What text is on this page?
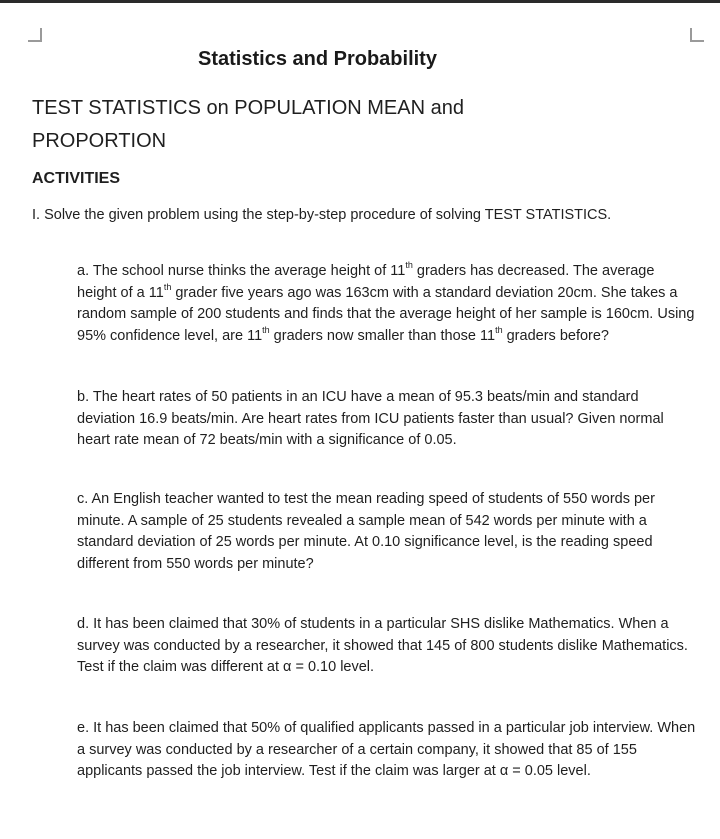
Statistics and Probability
TEST STATISTICS on POPULATION MEAN and PROPORTION
ACTIVITIES
I. Solve the given problem using the step-by-step procedure of solving TEST STATISTICS.
a. The school nurse thinks the average height of 11th graders has decreased. The average height of a 11th grader five years ago was 163cm with a standard deviation 20cm. She takes a random sample of 200 students and finds that the average height of her sample is 160cm. Using 95% confidence level, are 11th graders now smaller than those 11th graders before?
b. The heart rates of 50 patients in an ICU have a mean of 95.3 beats/min and standard deviation 16.9 beats/min. Are heart rates from ICU patients faster than usual? Given normal heart rate mean of 72 beats/min with a significance of 0.05.
c. An English teacher wanted to test the mean reading speed of students of 550 words per minute. A sample of 25 students revealed a sample mean of 542 words per minute with a standard deviation of 25 words per minute. At 0.10 significance level, is the reading speed different from 550 words per minute?
d. It has been claimed that 30% of students in a particular SHS dislike Mathematics. When a survey was conducted by a researcher, it showed that 145 of 800 students dislike Mathematics. Test if the claim was different at α = 0.10 level.
e. It has been claimed that 50% of qualified applicants passed in a particular job interview. When a survey was conducted by a researcher of a certain company, it showed that 85 of 155 applicants passed the job interview. Test if the claim was larger at α = 0.05 level.
